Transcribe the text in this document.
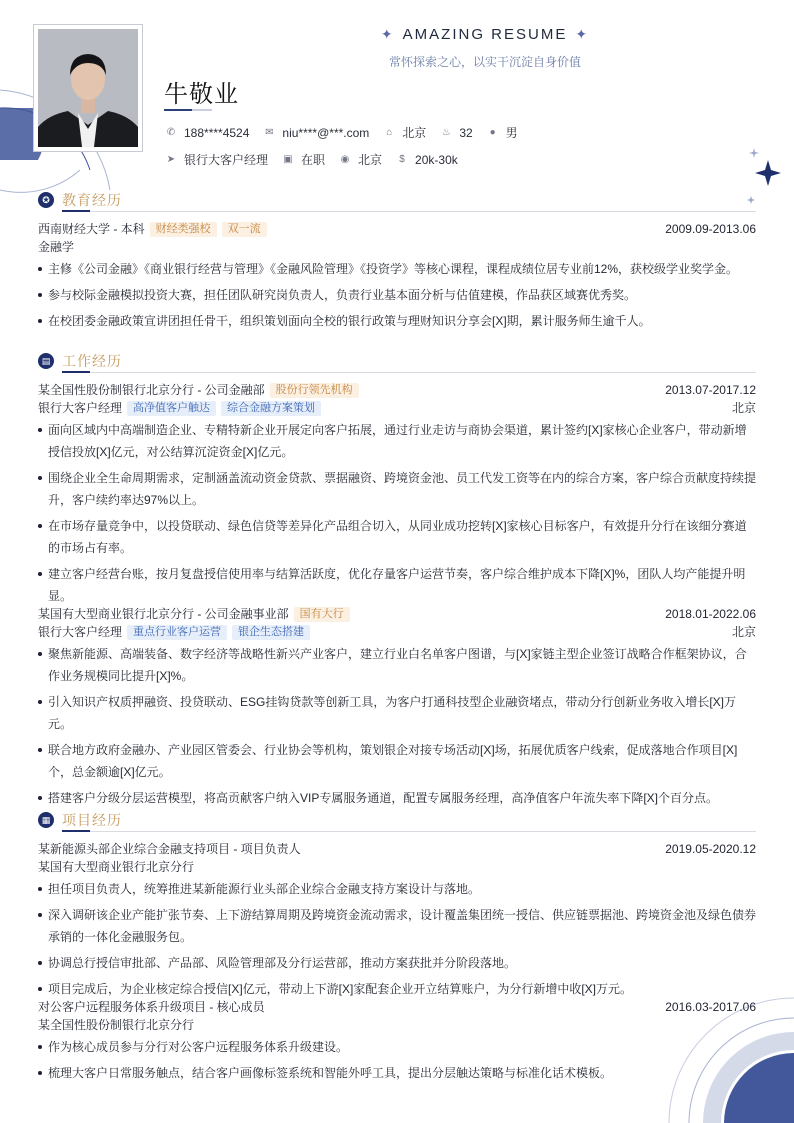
✦ AMAZING RESUME ✦
常怀探索之心，以实干沉淀自身价值
牛敬业
✆ 188****4524 ✉ niu****@***.com	⌂ 北京 ♨ 32	● 男
➤ 银行大客户经理 ▣ 在职 ◉ 北京	$ 20k-30k
✪ 教育经历
西南财经大学 - 本科	财经类强校	双一流	2009.09-2013.06
金融学
主修《公司金融》《商业银行经营与管理》《金融风险管理》《投资学》等核心课程，课程成绩位居专业前12%，获校级学业奖学金。
参与校际金融模拟投资大赛，担任团队研究岗负责人，负责行业基本面分析与估值建模，作品获区域赛优秀奖。
在校团委金融政策宣讲团担任骨干，组织策划面向全校的银行政策与理财知识分享会[X]期，累计服务师生逾千人。
▤ 工作经历
某全国性股份制银行北京分行 - 公司金融部	股份行领先机构	2013.07-2017.12
银行大客户经理	高净值客户触达	综合金融方案策划	北京
面向区域内中高端制造企业、专精特新企业开展定向客户拓展，通过行业走访与商协会渠道，累计签约[X]家核心企业客户，带动新增授信投放[X]亿元，对公结算沉淀资金[X]亿元。
围绕企业全生命周期需求，定制涵盖流动资金贷款、票据融资、跨境资金池、员工代发工资等在内的综合方案，客户综合贡献度持续提升，客户续约率达97%以上。
在市场存量竞争中，以投贷联动、绿色信贷等差异化产品组合切入，从同业成功挖转[X]家核心目标客户，有效提升分行在该细分赛道的市场占有率。
建立客户经营台账，按月复盘授信使用率与结算活跃度，优化存量客户运营节奏，客户综合维护成本下降[X]%，团队人均产能提升明显。
某国有大型商业银行北京分行 - 公司金融事业部	国有大行	2018.01-2022.06
银行大客户经理	重点行业客户运营	银企生态搭建	北京
聚焦新能源、高端装备、数字经济等战略性新兴产业客户，建立行业白名单客户图谱，与[X]家链主型企业签订战略合作框架协议，合作业务规模同比提升[X]%。
引入知识产权质押融资、投贷联动、ESG挂钩贷款等创新工具，为客户打通科技型企业融资堵点，带动分行创新业务收入增长[X]万元。
联合地方政府金融办、产业园区管委会、行业协会等机构，策划银企对接专场活动[X]场，拓展优质客户线索，促成落地合作项目[X]个，总金额逾[X]亿元。
搭建客户分级分层运营模型，将高贡献客户纳入VIP专属服务通道，配置专属服务经理，高净值客户年流失率下降[X]个百分点。
▦ 项目经历
某新能源头部企业综合金融支持项目 - 项目负责人	2019.05-2020.12
某国有大型商业银行北京分行
担任项目负责人，统筹推进某新能源行业头部企业综合金融支持方案设计与落地。
深入调研该企业产能扩张节奏、上下游结算周期及跨境资金流动需求，设计覆盖集团统一授信、供应链票据池、跨境资金池及绿色债券承销的一体化金融服务包。
协调总行授信审批部、产品部、风险管理部及分行运营部，推动方案获批并分阶段落地。
项目完成后，为企业核定综合授信[X]亿元，带动上下游[X]家配套企业开立结算账户，为分行新增中收[X]万元。
对公客户远程服务体系升级项目 - 核心成员	2016.03-2017.06
某全国性股份制银行北京分行
作为核心成员参与分行对公客户远程服务体系升级建设。
梳理大客户日常服务触点，结合客户画像标签系统和智能外呼工具，提出分层触达策略与标准化话术模板。
